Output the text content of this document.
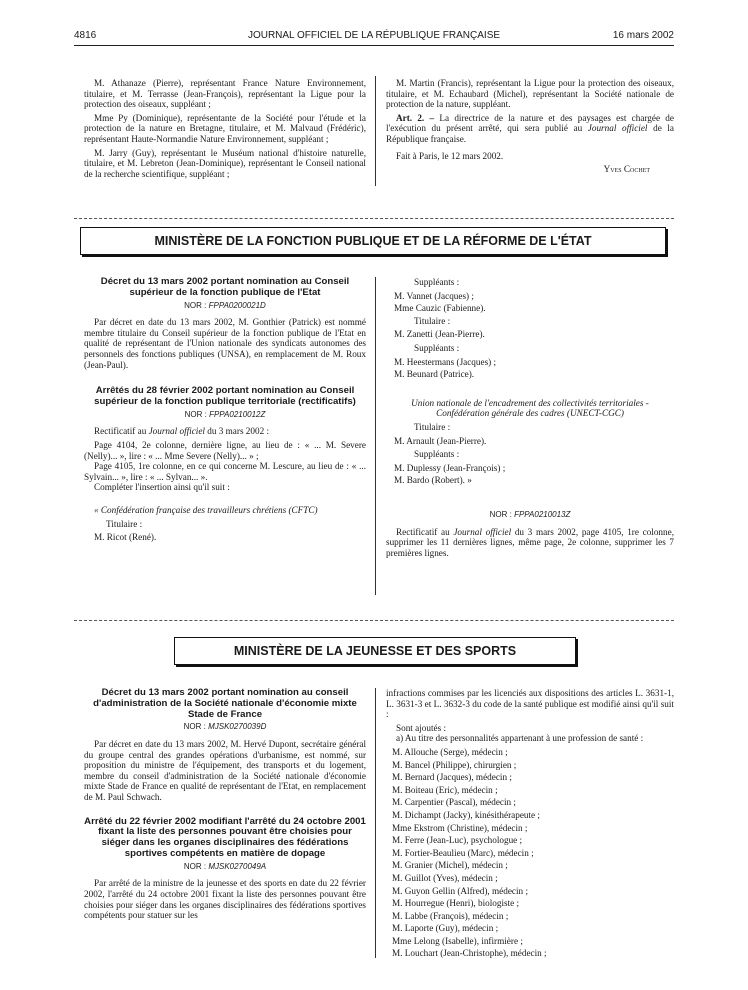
4816	JOURNAL OFFICIEL DE LA RÉPUBLIQUE FRANÇAISE	16 mars 2002

M. Athanaze (Pierre), représentant France Nature Environnement, titulaire, et M. Terrasse (Jean-François), représentant la Ligue pour la protection des oiseaux, suppléant ;

Mme Py (Dominique), représentante de la Société pour l'étude et la protection de la nature en Bretagne, titulaire, et M. Malvaud (Frédéric), représentant Haute-Normandie Nature Environnement, suppléant ;

M. Jarry (Guy), représentant le Muséum national d'histoire naturelle, titulaire, et M. Lebreton (Jean-Dominique), représentant le Conseil national de la recherche scientifique, suppléant ;

M. Martin (Francis), représentant la Ligue pour la protection des oiseaux, titulaire, et M. Echaubard (Michel), représentant la Société nationale de protection de la nature, suppléant.

Art. 2. – La directrice de la nature et des paysages est chargée de l'exécution du présent arrêté, qui sera publié au Journal officiel de la République française.

Fait à Paris, le 12 mars 2002.

Yves Cochet

MINISTÈRE DE LA FONCTION PUBLIQUE ET DE LA RÉFORME DE L'ÉTAT
Décret du 13 mars 2002 portant nomination au Conseil supérieur de la fonction publique de l'Etat
NOR : FPPA0200021D

Par décret en date du 13 mars 2002, M. Gonthier (Patrick) est nommé membre titulaire du Conseil supérieur de la fonction publique de l'Etat en qualité de représentant de l'Union nationale des syndicats autonomes des personnels des fonctions publiques (UNSA), en remplacement de M. Roux (Jean-Paul).

Arrêtés du 28 février 2002 portant nomination au Conseil supérieur de la fonction publique territoriale (rectificatifs)
NOR : FPPA0210012Z

Rectificatif au Journal officiel du 3 mars 2002 :

Page 4104, 2e colonne, dernière ligne, au lieu de : « ... M. Severe (Nelly)... », lire : « ... Mme Severe (Nelly)... » ;

Page 4105, 1re colonne, en ce qui concerne M. Lescure, au lieu de : « ... Sylvain... », lire : « ... Sylvan... ».

Compléter l'insertion ainsi qu'il suit :

« Confédération française des travailleurs chrétiens (CFTC)

Titulaire :

M. Ricot (René).

Suppléants :

M. Vannet (Jacques) ;
Mme Cauzic (Fabienne).

Titulaire :

M. Zanetti (Jean-Pierre).

Suppléants :

M. Heestermans (Jacques) ;
M. Beunard (Patrice).

Union nationale de l'encadrement des collectivités territoriales - Confédération générale des cadres (UNECT-CGC)

Titulaire :

M. Arnault (Jean-Pierre).

Suppléants :

M. Duplessy (Jean-François) ;
M. Bardo (Robert). »
NOR : FPPA0210013Z

Rectificatif au Journal officiel du 3 mars 2002, page 4105, 1re colonne, supprimer les 11 dernières lignes, même page, 2e colonne, supprimer les 7 premières lignes.

MINISTÈRE DE LA JEUNESSE ET DES SPORTS
Décret du 13 mars 2002 portant nomination au conseil d'administration de la Société nationale d'économie mixte Stade de France
NOR : MJSK0270039D

Par décret en date du 13 mars 2002, M. Hervé Dupont, secrétaire général du groupe central des grandes opérations d'urbanisme, est nommé, sur proposition du ministre de l'équipement, des transports et du logement, membre du conseil d'administration de la Société nationale d'économie mixte Stade de France en qualité de représentant de l'Etat, en remplacement de M. Paul Schwach.

Arrêté du 22 février 2002 modifiant l'arrêté du 24 octobre 2001 fixant la liste des personnes pouvant être choisies pour siéger dans les organes disciplinaires des fédérations sportives compétents en matière de dopage
NOR : MJSK0270049A

Par arrêté de la ministre de la jeunesse et des sports en date du 22 février 2002, l'arrêté du 24 octobre 2001 fixant la liste des personnes pouvant être choisies pour siéger dans les organes disciplinaires des fédérations sportives compétents pour statuer sur les

infractions commises par les licenciés aux dispositions des articles L. 3631-1, L. 3631-3 et L. 3632-3 du code de la santé publique est modifié ainsi qu'il suit :

Sont ajoutés :

a) Au titre des personnalités appartenant à une profession de santé :

M. Allouche (Serge), médecin ;
M. Bancel (Philippe), chirurgien ;
M. Bernard (Jacques), médecin ;
M. Boiteau (Eric), médecin ;
M. Carpentier (Pascal), médecin ;
M. Dichampt (Jacky), kinésithérapeute ;
Mme Ekstrom (Christine), médecin ;
M. Ferre (Jean-Luc), psychologue ;
M. Fortier-Beaulieu (Marc), médecin ;
M. Granier (Michel), médecin ;
M. Guillot (Yves), médecin ;
M. Guyon Gellin (Alfred), médecin ;
M. Hourregue (Henri), biologiste ;
M. Labbe (François), médecin ;
M. Laporte (Guy), médecin ;
Mme Lelong (Isabelle), infirmière ;
M. Louchart (Jean-Christophe), médecin ;
